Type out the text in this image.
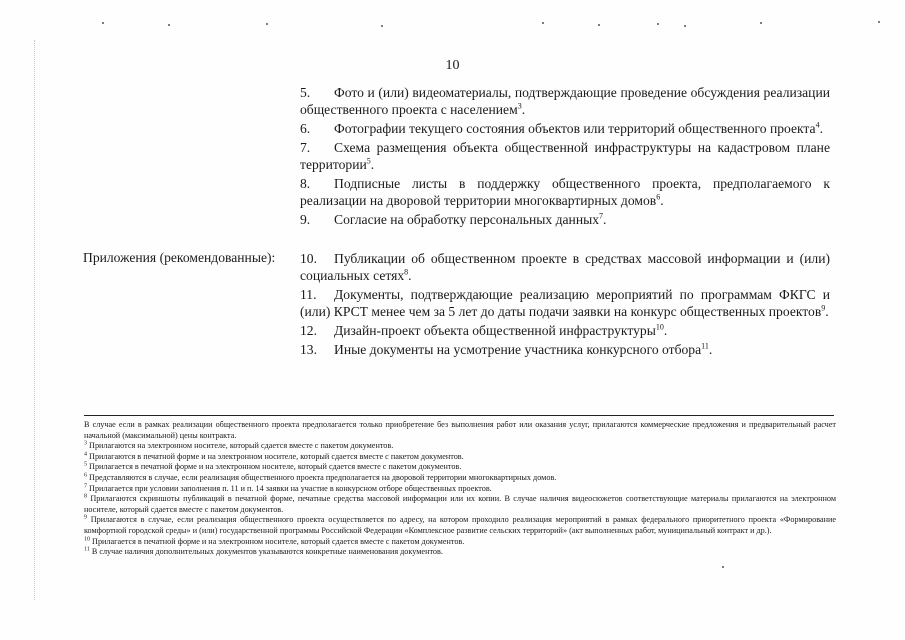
10
5. Фото и (или) видеоматериалы, подтверждающие проведение обсуждения реализации общественного проекта с населением$^3$.
6. Фотографии текущего состояния объектов или территорий общественного проекта$^4$.
7. Схема размещения объекта общественной инфраструктуры на кадастровом плане территории$^5$.
8. Подписные листы в поддержку общественного проекта, предполагаемого к реализации на дворовой территории многоквартирных домов$^6$.
9. Согласие на обработку персональных данных$^7$.
Приложения (рекомендованные): 10. Публикации об общественном проекте в средствах массовой информации и (или) социальных сетях$^8$.
11. Документы, подтверждающие реализацию мероприятий по программам ФКГС и (или) КРСТ менее чем за 5 лет до даты подачи заявки на конкурс общественных проектов$^9$.
12. Дизайн-проект объекта общественной инфраструктуры$^{10}$.
13. Иные документы на усмотрение участника конкурсного отбора$^{11}$.

В случае если в рамках реализации общественного проекта предполагается только приобретение без выполнения работ или оказания услуг, прилагаются коммерческие предложения и предварительный расчет начальной (максимальной) цены контракта.

$^3$ Прилагаются на электронном носителе, который сдается вместе с пакетом документов.

$^4$ Прилагаются в печатной форме и на электронном носителе, который сдается вместе с пакетом документов.

$^5$ Прилагается в печатной форме и на электронном носителе, который сдается вместе с пакетом документов.

$^6$ Представляются в случае, если реализация общественного проекта предполагается на дворовой территории многоквартирных домов.

$^7$ Прилагается при условии заполнения п. 11 и п. 14 заявки на участие в конкурсном отборе общественных проектов.

$^8$ Прилагаются скриншоты публикаций в печатной форме, печатные средства массовой информации или их копии. В случае наличия видеосюжетов соответствующие материалы прилагаются на электронном носителе, который сдается вместе с пакетом документов.

$^9$ Прилагаются в случае, если реализация общественного проекта осуществляется по адресу, на котором проходило реализация мероприятий в рамках федерального приоритетного проекта «Формирование комфортной городской среды» и (или) государственной программы Российской Федерации «Комплексное развитие сельских территорий» (акт выполненных работ, муниципальный контракт и др.).

$^{10}$ Прилагается в печатной форме и на электронном носителе, который сдается вместе с пакетом документов.

$^{11}$ В случае наличия дополнительных документов указываются конкретные наименования документов.
